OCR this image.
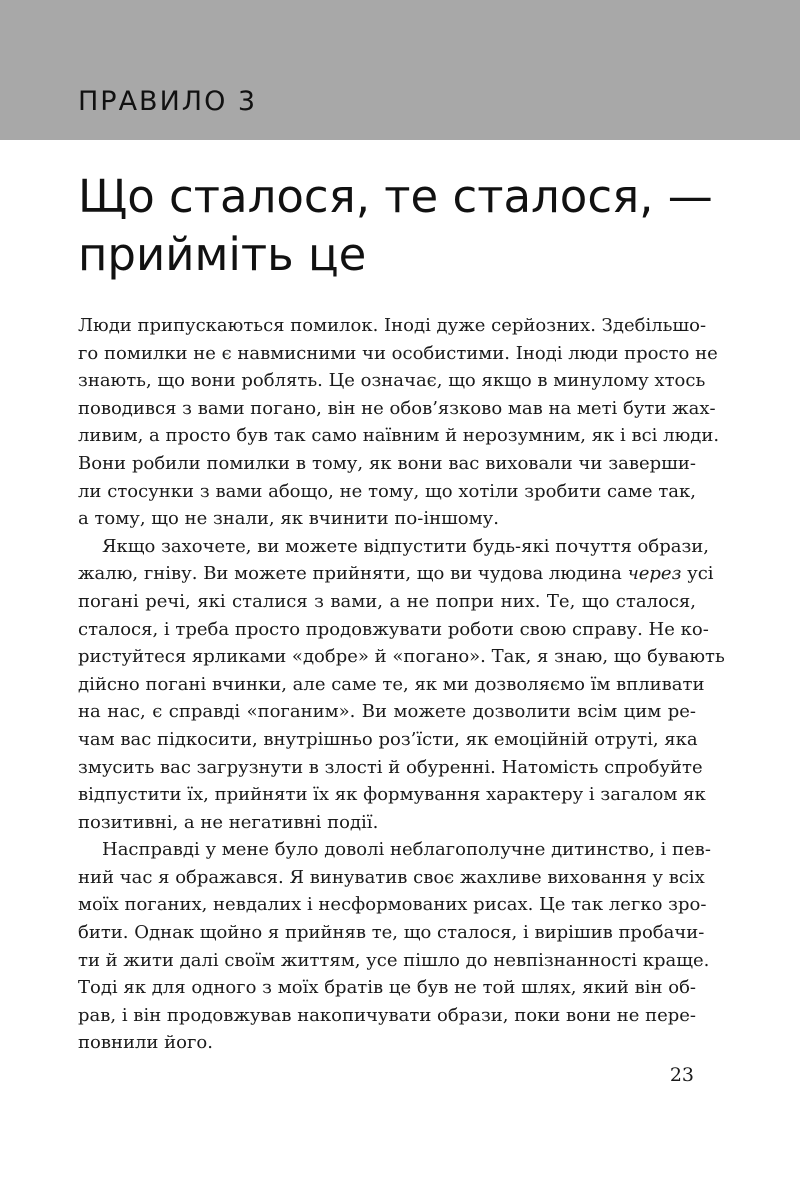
ПРАВИЛО 3
Що сталося, те сталося, —
прийміть це
Люди припускаються помилок. Іноді дуже серйозних. Здебільшо-
го помилки не є навмисними чи особистими. Іноді люди просто не
знають, що вони роблять. Це означає, що якщо в минулому хтось
поводився з вами погано, він не обов’язково мав на меті бути жах-
ливим, а просто був так само наївним й нерозумним, як і всі люди.
Вони робили помилки в тому, як вони вас виховали чи заверши-
ли стосунки з вами абощо, не тому, що хотіли зробити саме так,
а тому, що не знали, як вчинити по-іншому.
Якщо захочете, ви можете відпустити будь-які почуття образи,
жалю, гніву. Ви можете прийняти, що ви чудова людина через усі
погані речі, які сталися з вами, а не попри них. Те, що сталося,
сталося, і треба просто продовжувати роботи свою справу. Не ко-
ристуйтеся ярликами «добре» й «погано». Так, я знаю, що бувають
дійсно погані вчинки, але саме те, як ми дозволяємо їм впливати
на нас, є справді «поганим». Ви можете дозволити всім цим ре-
чам вас підкосити, внутрішньо роз’їсти, як емоційній отруті, яка
змусить вас загрузнути в злості й обуренні. Натомість спробуйте
відпустити їх, прийняти їх як формування характеру і загалом як
позитивні, а не негативні події.
Насправді у мене було доволі неблагополучне дитинство, і пев-
ний час я ображався. Я винуватив своє жахливе виховання у всіх
моїх поганих, невдалих і несформованих рисах. Це так легко зро-
бити. Однак щойно я прийняв те, що сталося, і вирішив пробачи-
ти й жити далі своїм життям, усе пішло до невпізнанності краще.
Тоді як для одного з моїх братів це був не той шлях, який він об-
рав, і він продовжував накопичувати образи, поки вони не пере-
повнили його.
23
